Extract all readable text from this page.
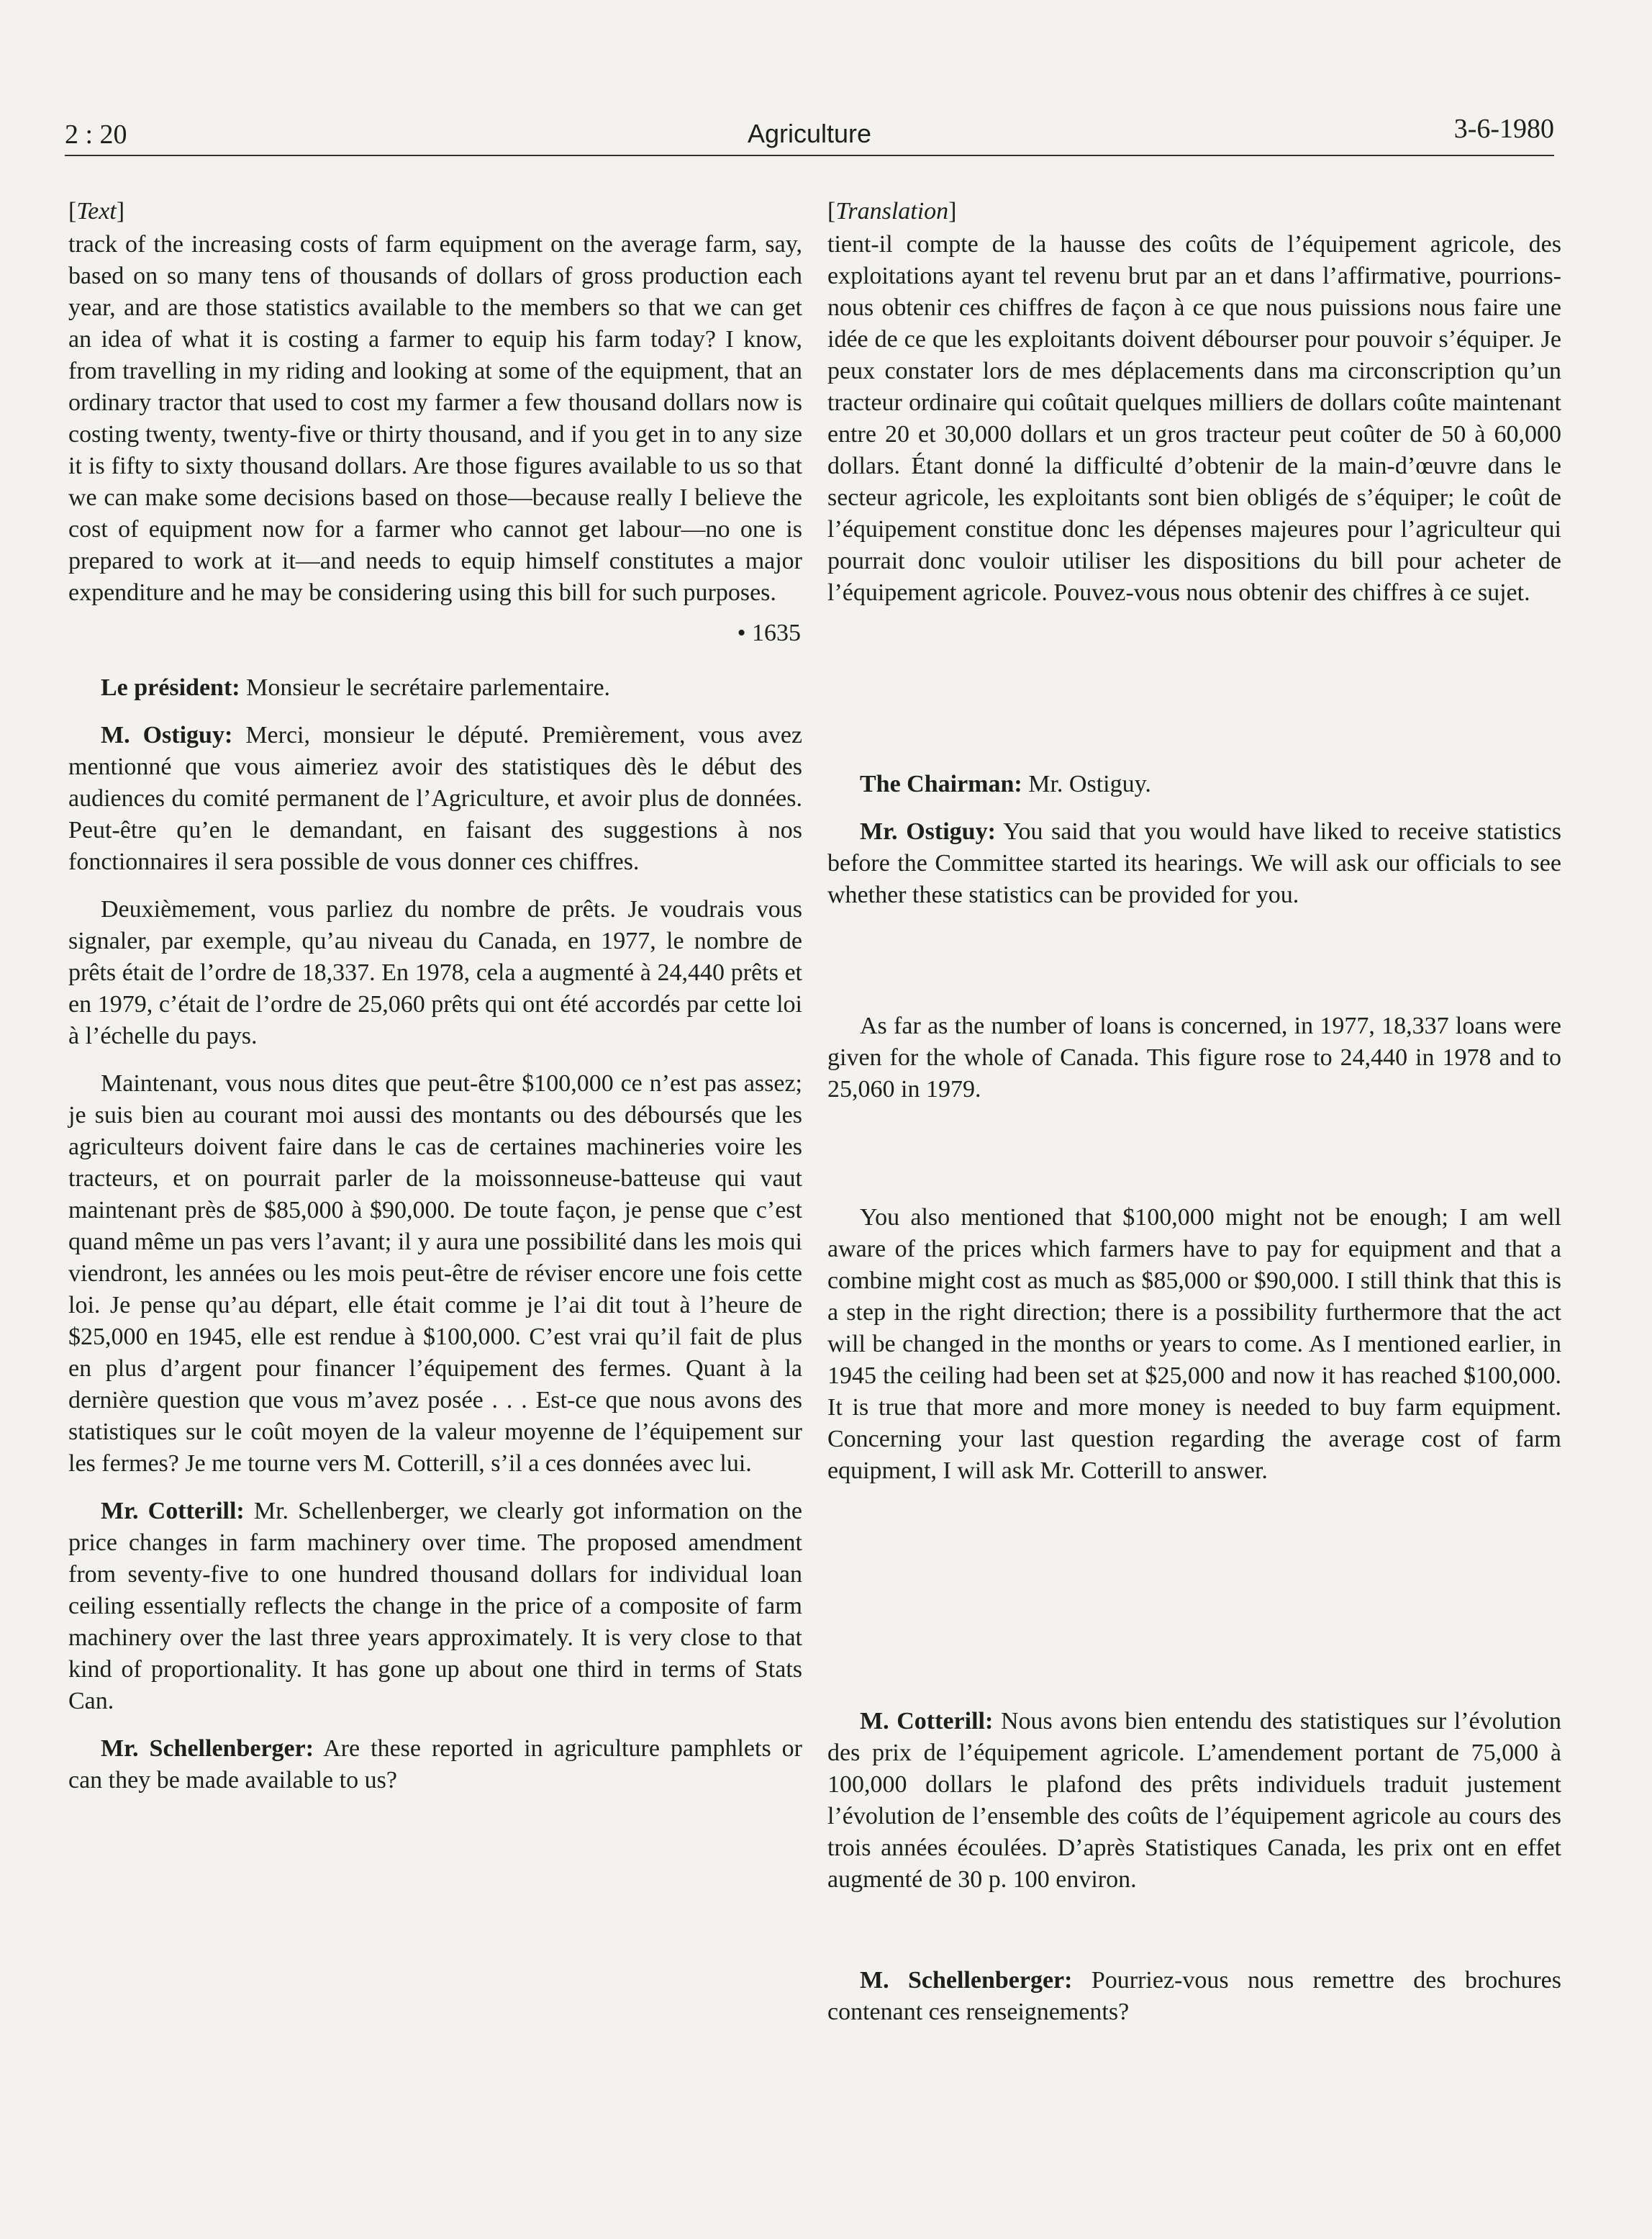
2 : 20	Agriculture	3-6-1980
[Text]

track of the increasing costs of farm equipment on the average farm, say, based on so many tens of thousands of dollars of gross production each year, and are those statistics available to the members so that we can get an idea of what it is costing a farmer to equip his farm today? I know, from travelling in my riding and looking at some of the equipment, that an ordinary tractor that used to cost my farmer a few thousand dollars now is costing twenty, twenty-five or thirty thousand, and if you get in to any size it is fifty to sixty thousand dollars. Are those figures available to us so that we can make some decisions based on those—because really I believe the cost of equipment now for a farmer who cannot get labour—no one is prepared to work at it—and needs to equip himself constitutes a major expenditure and he may be considering using this bill for such purposes.

• 1635

Le président: Monsieur le secrétaire parlementaire.

M. Ostiguy: Merci, monsieur le député. Premièrement, vous avez mentionné que vous aimeriez avoir des statistiques dès le début des audiences du comité permanent de l’Agriculture, et avoir plus de données. Peut-être qu’en le demandant, en faisant des suggestions à nos fonctionnaires il sera possible de vous donner ces chiffres.

Deuxièmement, vous parliez du nombre de prêts. Je voudrais vous signaler, par exemple, qu’au niveau du Canada, en 1977, le nombre de prêts était de l’ordre de 18,337. En 1978, cela a augmenté à 24,440 prêts et en 1979, c’était de l’ordre de 25,060 prêts qui ont été accordés par cette loi à l’échelle du pays.

Maintenant, vous nous dites que peut-être $100,000 ce n’est pas assez; je suis bien au courant moi aussi des montants ou des déboursés que les agriculteurs doivent faire dans le cas de certaines machineries voire les tracteurs, et on pourrait parler de la moissonneuse-batteuse qui vaut maintenant près de $85,000 à $90,000. De toute façon, je pense que c’est quand même un pas vers l’avant; il y aura une possibilité dans les mois qui viendront, les années ou les mois peut-être de réviser encore une fois cette loi. Je pense qu’au départ, elle était comme je l’ai dit tout à l’heure de $25,000 en 1945, elle est rendue à $100,000. C’est vrai qu’il fait de plus en plus d’argent pour financer l’équipement des fermes. Quant à la dernière question que vous m’avez posée . . . Est-ce que nous avons des statistiques sur le coût moyen de la valeur moyenne de l’équipement sur les fermes? Je me tourne vers M. Cotterill, s’il a ces données avec lui.

Mr. Cotterill: Mr. Schellenberger, we clearly got information on the price changes in farm machinery over time. The proposed amendment from seventy-five to one hundred thousand dollars for individual loan ceiling essentially reflects the change in the price of a composite of farm machinery over the last three years approximately. It is very close to that kind of proportionality. It has gone up about one third in terms of Stats Can.

Mr. Schellenberger: Are these reported in agriculture pamphlets or can they be made available to us?

[Translation]

tient-il compte de la hausse des coûts de l’équipement agricole, des exploitations ayant tel revenu brut par an et dans l’affirmative, pourrions-nous obtenir ces chiffres de façon à ce que nous puissions nous faire une idée de ce que les exploitants doivent débourser pour pouvoir s’équiper. Je peux constater lors de mes déplacements dans ma circonscription qu’un tracteur ordinaire qui coûtait quelques milliers de dollars coûte maintenant entre 20 et 30,000 dollars et un gros tracteur peut coûter de 50 à 60,000 dollars. Étant donné la difficulté d’obtenir de la main-d’œuvre dans le secteur agricole, les exploitants sont bien obligés de s’équiper; le coût de l’équipement constitue donc les dépenses majeures pour l’agriculteur qui pourrait donc vouloir utiliser les dispositions du bill pour acheter de l’équipement agricole. Pouvez-vous nous obtenir des chiffres à ce sujet.

The Chairman: Mr. Ostiguy.

Mr. Ostiguy: You said that you would have liked to receive statistics before the Committee started its hearings. We will ask our officials to see whether these statistics can be provided for you.

As far as the number of loans is concerned, in 1977, 18,337 loans were given for the whole of Canada. This figure rose to 24,440 in 1978 and to 25,060 in 1979.

You also mentioned that $100,000 might not be enough; I am well aware of the prices which farmers have to pay for equipment and that a combine might cost as much as $85,000 or $90,000. I still think that this is a step in the right direction; there is a possibility furthermore that the act will be changed in the months or years to come. As I mentioned earlier, in 1945 the ceiling had been set at $25,000 and now it has reached $100,000. It is true that more and more money is needed to buy farm equipment. Concerning your last question regarding the average cost of farm equipment, I will ask Mr. Cotterill to answer.

M. Cotterill: Nous avons bien entendu des statistiques sur l’évolution des prix de l’équipement agricole. L’amendement portant de 75,000 à 100,000 dollars le plafond des prêts individuels traduit justement l’évolution de l’ensemble des coûts de l’équipement agricole au cours des trois années écoulées. D’après Statistiques Canada, les prix ont en effet augmenté de 30 p. 100 environ.

M. Schellenberger: Pourriez-vous nous remettre des brochures contenant ces renseignements?
